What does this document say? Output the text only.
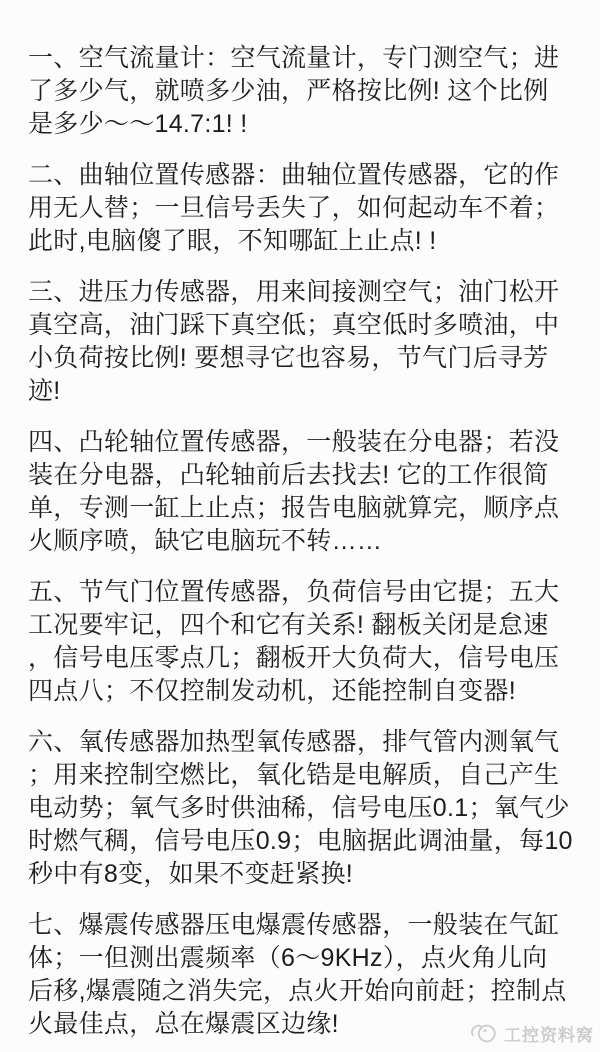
一、空气流量计：空气流量计，专门测空气；进
了多少气，就喷多少油，严格按比例! 这个比例
是多少～～14.7:1! !

二、曲轴位置传感器：曲轴位置传感器，它的作
用无人替；一旦信号丢失了，如何起动车不着；
此时,电脑傻了眼，不知哪缸上止点! !

三、进压力传感器，用来间接测空气；油门松开
真空高，油门踩下真空低；真空低时多喷油，中
小负荷按比例! 要想寻它也容易，节气门后寻芳
迹!

四、凸轮轴位置传感器，一般装在分电器；若没
装在分电器，凸轮轴前后去找去! 它的工作很简
单，专测一缸上止点；报告电脑就算完，顺序点
火顺序喷，缺它电脑玩不转……

五、节气门位置传感器，负荷信号由它提；五大
工况要牢记，四个和它有关系! 翻板关闭是怠速
，信号电压零点几；翻板开大负荷大，信号电压
四点八；不仅控制发动机，还能控制自变器!

六、氧传感器加热型氧传感器，排气管内测氧气
；用来控制空燃比，氧化锆是电解质，自己产生
电动势；氧气多时供油稀，信号电压0.1；氧气少
时燃气稠，信号电压0.9；电脑据此调油量，每10
秒中有8变，如果不变赶紧换!

七、爆震传感器压电爆震传感器，一般装在气缸
体；一但测出震频率（6～9KHz），点火角儿向
后移,爆震随之消失完，点火开始向前赶；控制点
火最佳点，总在爆震区边缘!	工控资料窝
